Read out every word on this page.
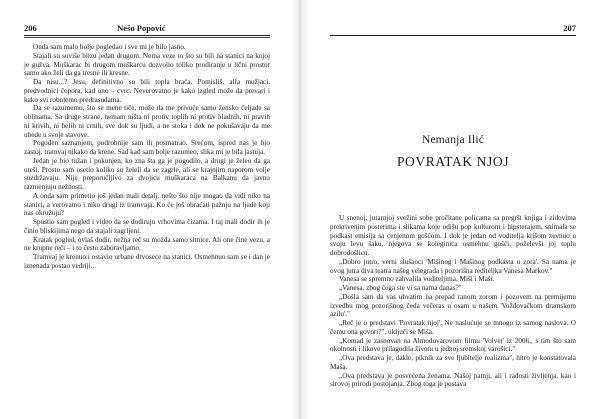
206	Nešo Popović

Onda sam malo bolje pogledao i sve mi je bilo jasno.

Stajali su suviše blizu jedan drugom. Nema veze to što su bili na stanici na kojoj je gužva. Muškarac bi drugom muškarcu dozvolio toliko prodiranje u lični prostor samo ako želi da ga tresne ili kresne.

Da nisu...? Jesu, definitivno su bili topla braća. Pomisliš, alfa mužjaci, predvodnici čopora, kad ono – cvrc. Neverovatno je kako izgled može da prevari i kako svi robujemo predrasudama.

Da se razumemo, što se mene tiče, može da me privuče samo žensko čeljade sa oblinama. Sa druge strane, nemam ništa ni protiv toplih ni protiv hladnih, ni pravih ni krivih, ni belih ni crnih, sve dok su ljudi, a ne stoka i dok ne pokušavaju da me ubede u svoje stavove.

Pogođen saznanjem, podrobnije sam ih posmatrao. Srećom, ispred nas je bio zastoj, tramvaj nikako da krene. Sad kad sam bolje razumeo, slika mi je bila jasnija.

Jedan je bio tužan i pokunjen, ko zna šta ga je pogodilo, a drugi je želeo da ga uteši. Prosto sam osetio koliko su želeli da se zagrle, ali se krajnjim naporom volje suzdržavaju. Nije preporučljivo za dvojicu muškaraca na Balkanu da javno razmenjuju nežnosti.

A onda sam primetio još jedan mali detalj, nešto što nije mogao da vidi niko na stanici, a verovatno i niko drugi iz tramvaja. Ko će još obraćati pažnju na ljude koji nas okružuju?

Spustio sam pogled i video da se dodiruju vrhovima čizama. I taj mali dodir ih je činio bliskijima nego da stajali zagrljeni.

Kratak pogled, ovlaš dodir, nežna reč su možda samo sitnice. Ali one čine vezu, a ne krupne reči – i to često zaboravljamo.

Tramvaj je krenuo i ostavio urbane drvosece na stanici. Osmehnuo sam se i dan je iznenada postao vedriji...

207
Nemanja Ilić
POVRATAK NJOJ

U snenoj, jutarnjoj svežini sobe pročitane policama sa pregršt knjiga i zidovima prekrivenim posterima i slikama koje odišu pop kulturom i hipsterajem, snimala se podkast emisija sa cenjenom gošćom. I dok je jedan od voditelja krišom zevnuo u svoju levu šaku, njegova se koleginica osmehnu gošći, poželevši joj toplu dobrodošlicu.

„Dobro jutro, verni slušaoci 'Mišinog i Mašinog podkasta u zora'. Sa nama je ovog jutra diva teatra našeg velegrada i pozorišna rediteljka Vanesa Markov."

Vanesa se spremno zahvalila voditeljima, Miši i Maši.

„Vanesa, zbog čega ste vi sa nama danas?"

„Došla sam da vas uhvatim na prepad ranom zorom i pozovem na premijernu izvedbu mog pozorišnog čeda večeras u osam u našem 'Vožđovačkom dramskom azilu'."

„Reč je o predstavi 'Povratak njoj'. Ne naslućuje se mnogo iz samog naslova. O čemu ona govori?", uključi se Miša.

„Komad je zasnovan na Almodovarovom filmu 'Volver' iz 2006., s tim što sam okolnosti i likove prilagodila životu u jednoj sremskoj varošici."

„Ova predstava je, dakle, piknik za sve ljubitelje realizma", hitro je konstatovala Maša.

„Ova predstava je posvećena ženama. Našoj patnji, ali i radosti življenja, kao i sirovoj prirodi postojanja. Zbog toga je postava
